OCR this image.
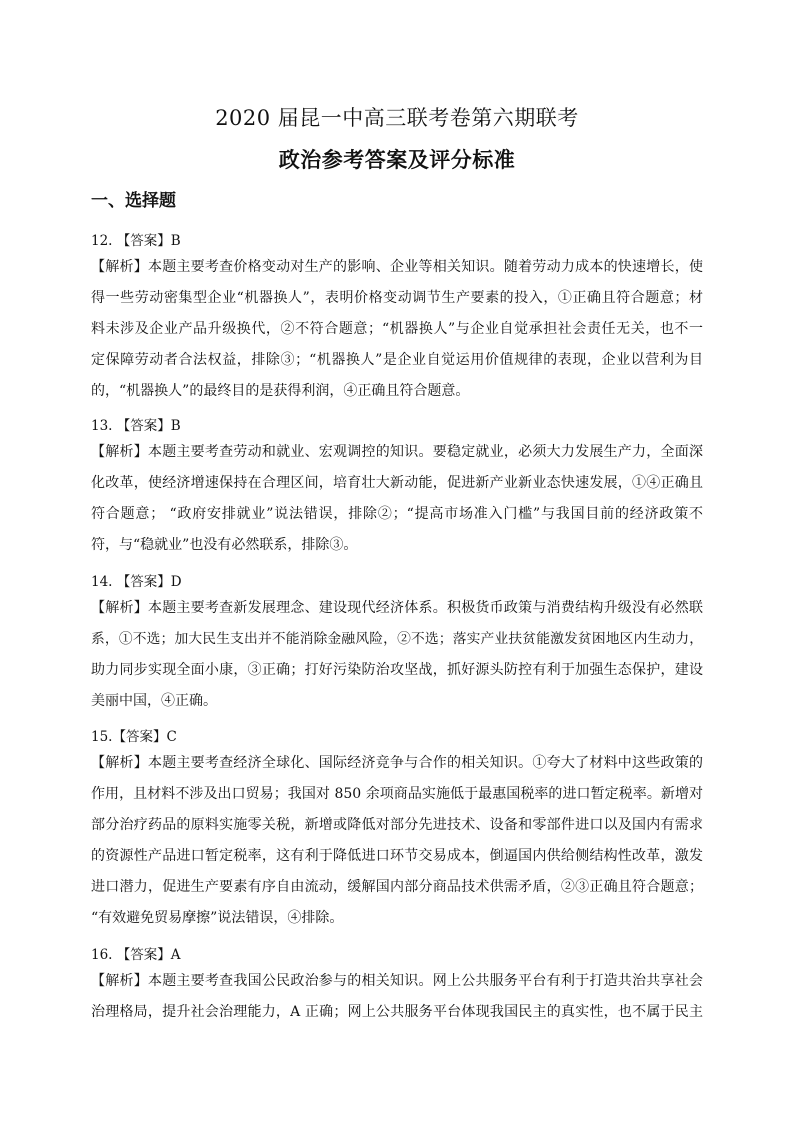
2020 届昆一中高三联考卷第六期联考
政治参考答案及评分标准
一、选择题
12. 【答案】B
【解析】本题主要考查价格变动对生产的影响、企业等相关知识。随着劳动力成本的快速增长，使
得一些劳动密集型企业“机器换人”，表明价格变动调节生产要素的投入，①正确且符合题意；材
料未涉及企业产品升级换代，②不符合题意；“机器换人”与企业自觉承担社会责任无关，也不一
定保障劳动者合法权益，排除③；“机器换人”是企业自觉运用价值规律的表现，企业以营利为目
的，“机器换人”的最终目的是获得利润，④正确且符合题意。
13. 【答案】B
【解析】本题主要考查劳动和就业、宏观调控的知识。要稳定就业，必须大力发展生产力，全面深
化改革，使经济增速保持在合理区间，培育壮大新动能，促进新产业新业态快速发展，①④正确且
符合题意； “政府安排就业”说法错误，排除②；“提高市场准入门槛”与我国目前的经济政策不
符，与“稳就业”也没有必然联系，排除③。
14. 【答案】D
【解析】本题主要考查新发展理念、建设现代经济体系。积极货币政策与消费结构升级没有必然联
系，①不选；加大民生支出并不能消除金融风险，②不选；落实产业扶贫能激发贫困地区内生动力，
助力同步实现全面小康，③正确；打好污染防治攻坚战，抓好源头防控有利于加强生态保护，建设
美丽中国，④正确。
15.【答案】C
【解析】本题主要考查经济全球化、国际经济竞争与合作的相关知识。①夸大了材料中这些政策的
作用，且材料不涉及出口贸易；我国对 850 余项商品实施低于最惠国税率的进口暂定税率。新增对
部分治疗药品的原料实施零关税，新增或降低对部分先进技术、设备和零部件进口以及国内有需求
的资源性产品进口暂定税率，这有利于降低进口环节交易成本，倒逼国内供给侧结构性改革，激发
进口潜力，促进生产要素有序自由流动，缓解国内部分商品技术供需矛盾，②③正确且符合题意；
“有效避免贸易摩擦”说法错误，④排除。
16. 【答案】A
【解析】本题主要考查我国公民政治参与的相关知识。网上公共服务平台有利于打造共治共享社会
治理格局，提升社会治理能力，A 正确；网上公共服务平台体现我国民主的真实性，也不属于民主
